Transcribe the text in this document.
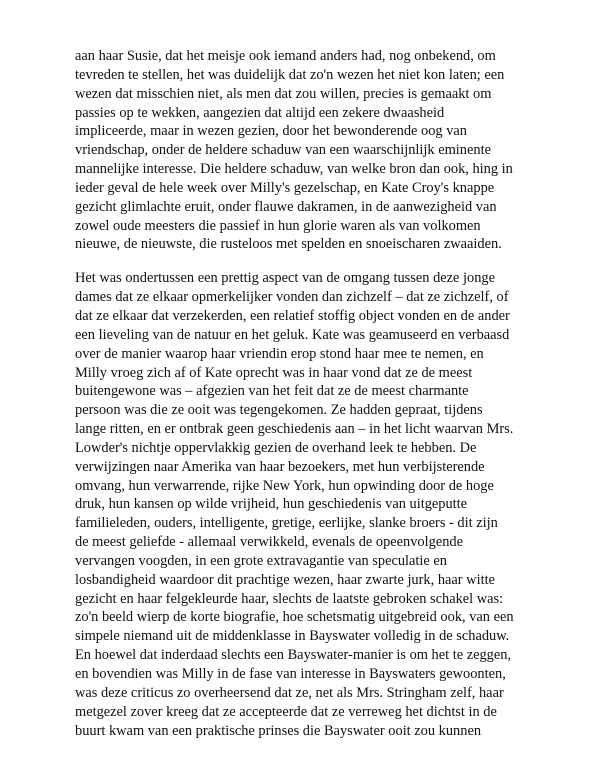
aan haar Susie, dat het meisje ook iemand anders had, nog onbekend, om
tevreden te stellen, het was duidelijk dat zo'n wezen het niet kon laten; een
wezen dat misschien niet, als men dat zou willen, precies is gemaakt om
passies op te wekken, aangezien dat altijd een zekere dwaasheid
impliceerde, maar in wezen gezien, door het bewonderende oog van
vriendschap, onder de heldere schaduw van een waarschijnlijk eminente
mannelijke interesse. Die heldere schaduw, van welke bron dan ook, hing in
ieder geval de hele week over Milly's gezelschap, en Kate Croy's knappe
gezicht glimlachte eruit, onder flauwe dakramen, in de aanwezigheid van
zowel oude meesters die passief in hun glorie waren als van volkomen
nieuwe, de nieuwste, die rusteloos met spelden en snoeischaren zwaaiden.

Het was ondertussen een prettig aspect van de omgang tussen deze jonge
dames dat ze elkaar opmerkelijker vonden dan zichzelf – dat ze zichzelf, of
dat ze elkaar dat verzekerden, een relatief stoffig object vonden en de ander
een lieveling van de natuur en het geluk. Kate was geamuseerd en verbaasd
over de manier waarop haar vriendin erop stond haar mee te nemen, en
Milly vroeg zich af of Kate oprecht was in haar vond dat ze de meest
buitengewone was – afgezien van het feit dat ze de meest charmante
persoon was die ze ooit was tegengekomen. Ze hadden gepraat, tijdens
lange ritten, en er ontbrak geen geschiedenis aan – in het licht waarvan Mrs.
Lowder's nichtje oppervlakkig gezien de overhand leek te hebben. De
verwijzingen naar Amerika van haar bezoekers, met hun verbijsterende
omvang, hun verwarrende, rijke New York, hun opwinding door de hoge
druk, hun kansen op wilde vrijheid, hun geschiedenis van uitgeputte
familieleden, ouders, intelligente, gretige, eerlijke, slanke broers - dit zijn
de meest geliefde - allemaal verwikkeld, evenals de opeenvolgende
vervangen voogden, in een grote extravagantie van speculatie en
losbandigheid waardoor dit prachtige wezen, haar zwarte jurk, haar witte
gezicht en haar felgekleurde haar, slechts de laatste gebroken schakel was:
zo'n beeld wierp de korte biografie, hoe schetsmatig uitgebreid ook, van een
simpele niemand uit de middenklasse in Bayswater volledig in de schaduw.
En hoewel dat inderdaad slechts een Bayswater-manier is om het te zeggen,
en bovendien was Milly in de fase van interesse in Bayswaters gewoonten,
was deze criticus zo overheersend dat ze, net als Mrs. Stringham zelf, haar
metgezel zover kreeg dat ze accepteerde dat ze verreweg het dichtst in de
buurt kwam van een praktische prinses die Bayswater ooit zou kunnen
